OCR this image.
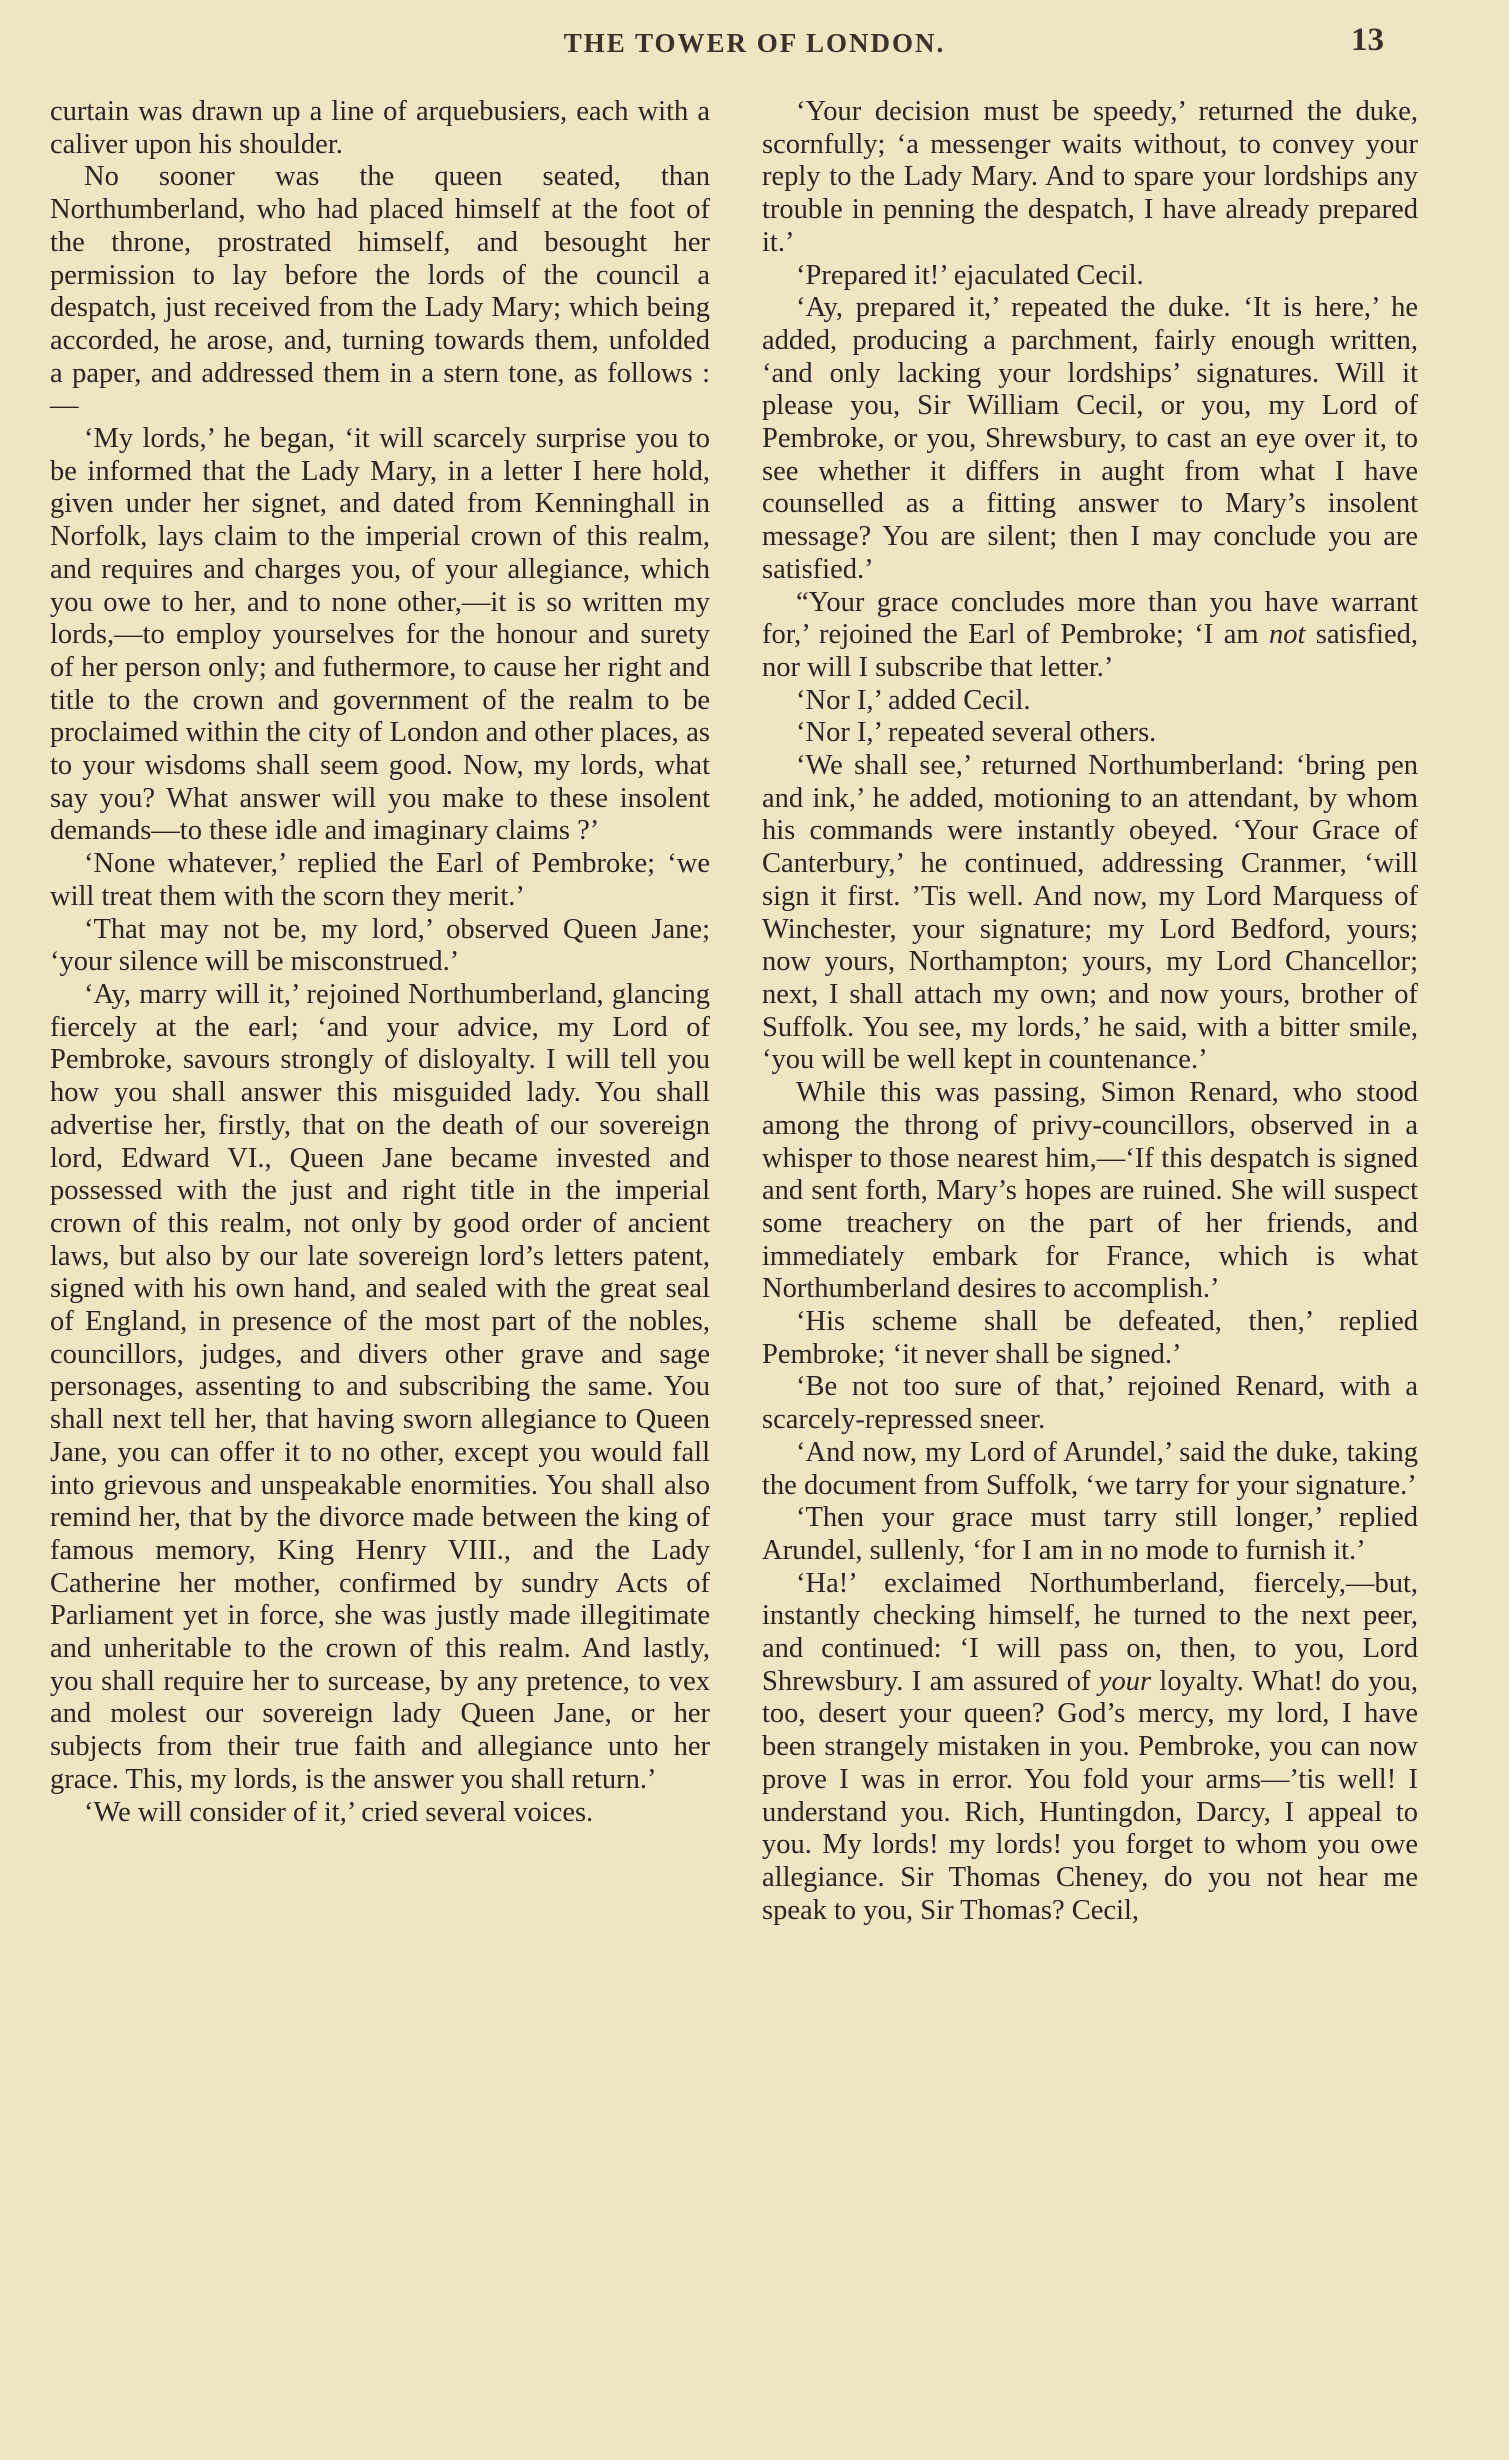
THE TOWER OF LONDON.	13

curtain was drawn up a line of arquebusiers, each with a caliver upon his shoulder.

No sooner was the queen seated, than Northumberland, who had placed himself at the foot of the throne, prostrated himself, and besought her permission to lay before the lords of the council a despatch, just received from the Lady Mary; which being accorded, he arose, and, turning towards them, unfolded a paper, and addressed them in a stern tone, as follows :—

‘My lords,’ he began, ‘it will scarcely surprise you to be informed that the Lady Mary, in a letter I here hold, given under her signet, and dated from Kenninghall in Norfolk, lays claim to the imperial crown of this realm, and requires and charges you, of your allegiance, which you owe to her, and to none other,—it is so written my lords,—to employ yourselves for the honour and surety of her person only; and futhermore, to cause her right and title to the crown and government of the realm to be proclaimed within the city of London and other places, as to your wisdoms shall seem good. Now, my lords, what say you? What answer will you make to these insolent demands—to these idle and imaginary claims ?’

‘None whatever,’ replied the Earl of Pembroke; ‘we will treat them with the scorn they merit.’

‘That may not be, my lord,’ observed Queen Jane; ‘your silence will be misconstrued.’

‘Ay, marry will it,’ rejoined Northumberland, glancing fiercely at the earl; ‘and your advice, my Lord of Pembroke, savours strongly of disloyalty. I will tell you how you shall answer this misguided lady. You shall advertise her, firstly, that on the death of our sovereign lord, Edward VI., Queen Jane became invested and possessed with the just and right title in the imperial crown of this realm, not only by good order of ancient laws, but also by our late sovereign lord’s letters patent, signed with his own hand, and sealed with the great seal of England, in presence of the most part of the nobles, councillors, judges, and divers other grave and sage personages, assenting to and subscribing the same. You shall next tell her, that having sworn allegiance to Queen Jane, you can offer it to no other, except you would fall into grievous and unspeakable enormities. You shall also remind her, that by the divorce made between the king of famous memory, King Henry VIII., and the Lady Catherine her mother, confirmed by sundry Acts of Parliament yet in force, she was justly made illegitimate and unheritable to the crown of this realm. And lastly, you shall require her to surcease, by any pretence, to vex and molest our sovereign lady Queen Jane, or her subjects from their true faith and allegiance unto her grace. This, my lords, is the answer you shall return.’

‘We will consider of it,’ cried several voices.

‘Your decision must be speedy,’ returned the duke, scornfully; ‘a messenger waits without, to convey your reply to the Lady Mary. And to spare your lordships any trouble in penning the despatch, I have already prepared it.’

‘Prepared it!’ ejaculated Cecil.

‘Ay, prepared it,’ repeated the duke. ‘It is here,’ he added, producing a parchment, fairly enough written, ‘and only lacking your lordships’ signatures. Will it please you, Sir William Cecil, or you, my Lord of Pembroke, or you, Shrewsbury, to cast an eye over it, to see whether it differs in aught from what I have counselled as a fitting answer to Mary’s insolent message? You are silent; then I may conclude you are satisfied.’

“Your grace concludes more than you have warrant for,’ rejoined the Earl of Pembroke; ‘I am not satisfied, nor will I subscribe that letter.’

‘Nor I,’ added Cecil.

‘Nor I,’ repeated several others.

‘We shall see,’ returned Northumberland: ‘bring pen and ink,’ he added, motioning to an attendant, by whom his commands were instantly obeyed. ‘Your Grace of Canterbury,’ he continued, addressing Cranmer, ‘will sign it first. ’Tis well. And now, my Lord Marquess of Winchester, your signature; my Lord Bedford, yours; now yours, Northampton; yours, my Lord Chancellor; next, I shall attach my own; and now yours, brother of Suffolk. You see, my lords,’ he said, with a bitter smile, ‘you will be well kept in countenance.’

While this was passing, Simon Renard, who stood among the throng of privy-councillors, observed in a whisper to those nearest him,—‘If this despatch is signed and sent forth, Mary’s hopes are ruined. She will suspect some treachery on the part of her friends, and immediately embark for France, which is what Northumberland desires to accomplish.’

‘His scheme shall be defeated, then,’ replied Pembroke; ‘it never shall be signed.’

‘Be not too sure of that,’ rejoined Renard, with a scarcely-repressed sneer.

‘And now, my Lord of Arundel,’ said the duke, taking the document from Suffolk, ‘we tarry for your signature.’

‘Then your grace must tarry still longer,’ replied Arundel, sullenly, ‘for I am in no mode to furnish it.’

‘Ha!’ exclaimed Northumberland, fiercely,—but, instantly checking himself, he turned to the next peer, and continued: ‘I will pass on, then, to you, Lord Shrewsbury. I am assured of your loyalty. What! do you, too, desert your queen? God’s mercy, my lord, I have been strangely mistaken in you. Pembroke, you can now prove I was in error. You fold your arms—’tis well! I understand you. Rich, Huntingdon, Darcy, I appeal to you. My lords! my lords! you forget to whom you owe allegiance. Sir Thomas Cheney, do you not hear me speak to you, Sir Thomas? Cecil,
